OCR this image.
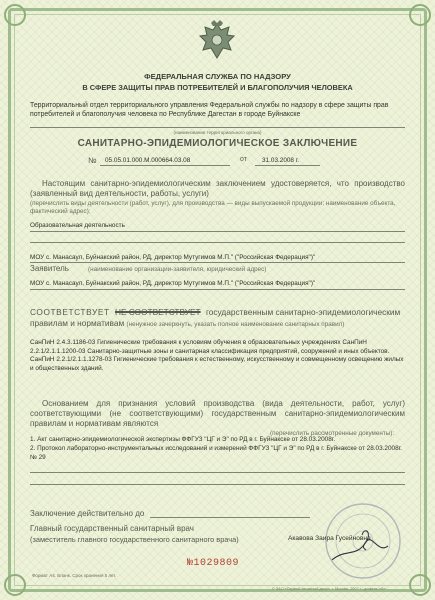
ФЕДЕРАЛЬНАЯ СЛУЖБА ПО НАДЗОРУ
В СФЕРЕ ЗАЩИТЫ ПРАВ ПОТРЕБИТЕЛЕЙ И БЛАГОПОЛУЧИЯ ЧЕЛОВЕКА
Территориальный отдел территориального управления Федеральной службы по надзору в сфере защиты прав потребителей и благополучия человека по Республике Дагестан в городе Буйнакске
(наименование территориального органа)
САНИТАРНО-ЭПИДЕМИОЛОГИЧЕСКОЕ ЗАКЛЮЧЕНИЕ
№ 05.05.01.000.М.000664.03.08	от 31.03.2008 г.
Настоящим санитарно-эпидемиологическим заключением удостоверяется, что производство (заявленный вид деятельности, работы, услуги)
(перечислить виды деятельности (работ, услуг), для производства — виды выпускаемой продукции; наименование объекта, фактический адрес):
Образовательная деятельность
МОУ с. Манасаул, Буйнакский район, РД, директор Мутугимов М.П." ("Российская Федерация")"
Заявитель	(наименование организации-заявителя, юридический адрес)
МОУ с. Манасаул, Буйнакский район, РД, директор Мутугимов М.П." ("Российская Федерация")"
СООТВЕТСТВУЕТ НЕ СООТВЕТСТВУЕТ государственным санитарно-эпидемиологическим правилам и нормативам (ненужное зачеркнуть, указать полное наименование санитарных правил)
СанПиН 2.4.3.1186-03 Гигиенические требования к условиям обучения в образовательных учреждениях СанПиН 2.2.1/2.1.1.1200-03 Санитарно-защитные зоны и санитарная классификация предприятий, сооружений и иных объектов. СанПиН 2.2.1/2.1.1.1278-03 Гигиенические требования к естественному, искусственному и совмещенному освещению жилых и общественных зданий.
Основанием для признания условий производства (вида деятельности, работ, услуг) соответствующими (не соответствующими) государственным санитарно-эпидемиологическим правилам и нормативам являются
(перечислить рассмотренные документы):
1. Акт санитарно-эпидемиологической экспертизы ФФГУЗ "ЦГ и Э" по РД в г. Буйнакске от 28.03.2008г.
2. Протокол лабораторно-инструментальных исследований и измерений ФФГУЗ "ЦГ и Э" по РД в г. Буйнакске от 28.03.2008г. № 29
Заключение действительно до
Главный государственный санитарный врач
(заместитель главного государственного санитарного врача)	Акавова Заира Гусейновна
№1029809
Формат А4. Бланк. Срок хранения 5 лет.
© ЗАО «Первый печатный двор», г. Москва, 2007 г., уровень «В»
